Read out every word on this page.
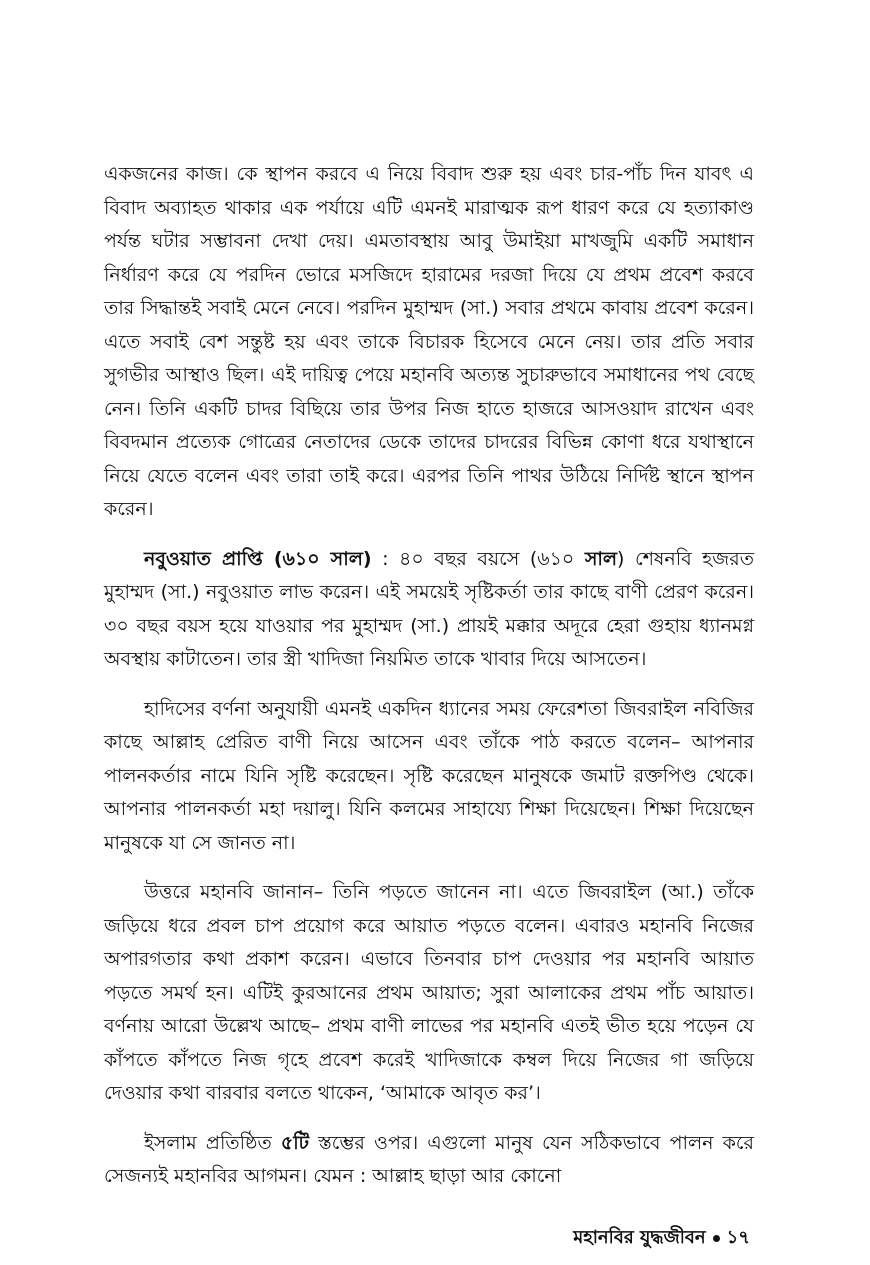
একজনের কাজ। কে স্থাপন করবে এ নিয়ে বিবাদ শুরু হয় এবং চার-পাঁচ দিন যাবৎ এ বিবাদ অব্যাহত থাকার এক পর্যায়ে এটি এমনই মারাত্মক রূপ ধারণ করে যে হত্যাকাণ্ড পর্যন্ত ঘটার সম্ভাবনা দেখা দেয়। এমতাবস্থায় আবু উমাইয়া মাখজুমি একটি সমাধান নির্ধারণ করে যে পরদিন ভোরে মসজিদে হারামের দরজা দিয়ে যে প্রথম প্রবেশ করবে তার সিদ্ধান্তই সবাই মেনে নেবে। পরদিন মুহাম্মদ (সা.) সবার প্রথমে কাবায় প্রবেশ করেন। এতে সবাই বেশ সন্তুষ্ট হয় এবং তাকে বিচারক হিসেবে মেনে নেয়। তার প্রতি সবার সুগভীর আস্থাও ছিল। এই দায়িত্ব পেয়ে মহানবি অত্যন্ত সুচারুভাবে সমাধানের পথ বেছে নেন। তিনি একটি চাদর বিছিয়ে তার উপর নিজ হাতে হাজরে আসওয়াদ রাখেন এবং বিবদমান প্রত্যেক গোত্রের নেতাদের ডেকে তাদের চাদরের বিভিন্ন কোণা ধরে যথাস্থানে নিয়ে যেতে বলেন এবং তারা তাই করে। এরপর তিনি পাথর উঠিয়ে নির্দিষ্ট স্থানে স্থাপন করেন।

নবুওয়াত প্রাপ্তি (৬১০ সাল) : ৪০ বছর বয়সে (৬১০ সাল) শেষনবি হজরত মুহাম্মদ (সা.) নবুওয়াত লাভ করেন। এই সময়েই সৃষ্টিকর্তা তার কাছে বাণী প্রেরণ করেন। ৩০ বছর বয়স হয়ে যাওয়ার পর মুহাম্মদ (সা.) প্রায়ই মক্কার অদূরে হেরা গুহায় ধ্যানমগ্ন অবস্থায় কাটাতেন। তার স্ত্রী খাদিজা নিয়মিত তাকে খাবার দিয়ে আসতেন।

হাদিসের বর্ণনা অনুযায়ী এমনই একদিন ধ্যানের সময় ফেরেশতা জিবরাইল নবিজির কাছে আল্লাহ প্রেরিত বাণী নিয়ে আসেন এবং তাঁকে পাঠ করতে বলেন– আপনার পালনকর্তার নামে যিনি সৃষ্টি করেছেন। সৃষ্টি করেছেন মানুষকে জমাট রক্তপিণ্ড থেকে। আপনার পালনকর্তা মহা দয়ালু। যিনি কলমের সাহায্যে শিক্ষা দিয়েছেন। শিক্ষা দিয়েছেন মানুষকে যা সে জানত না।

উত্তরে মহানবি জানান– তিনি পড়তে জানেন না। এতে জিবরাইল (আ.) তাঁকে জড়িয়ে ধরে প্রবল চাপ প্রয়োগ করে আয়াত পড়তে বলেন। এবারও মহানবি নিজের অপারগতার কথা প্রকাশ করেন। এভাবে তিনবার চাপ দেওয়ার পর মহানবি আয়াত পড়তে সমর্থ হন। এটিই কুরআনের প্রথম আয়াত; সুরা আলাকের প্রথম পাঁচ আয়াত। বর্ণনায় আরো উল্লেখ আছে– প্রথম বাণী লাভের পর মহানবি এতই ভীত হয়ে পড়েন যে কাঁপতে কাঁপতে নিজ গৃহে প্রবেশ করেই খাদিজাকে কম্বল দিয়ে নিজের গা জড়িয়ে দেওয়ার কথা বারবার বলতে থাকেন, ‘আমাকে আবৃত কর’।

ইসলাম প্রতিষ্ঠিত ৫টি স্তম্ভের ওপর। এগুলো মানুষ যেন সঠিকভাবে পালন করে সেজন্যই মহানবির আগমন। যেমন : আল্লাহ ছাড়া আর কোনো

মহানবির যুদ্ধজীবন ১৭
